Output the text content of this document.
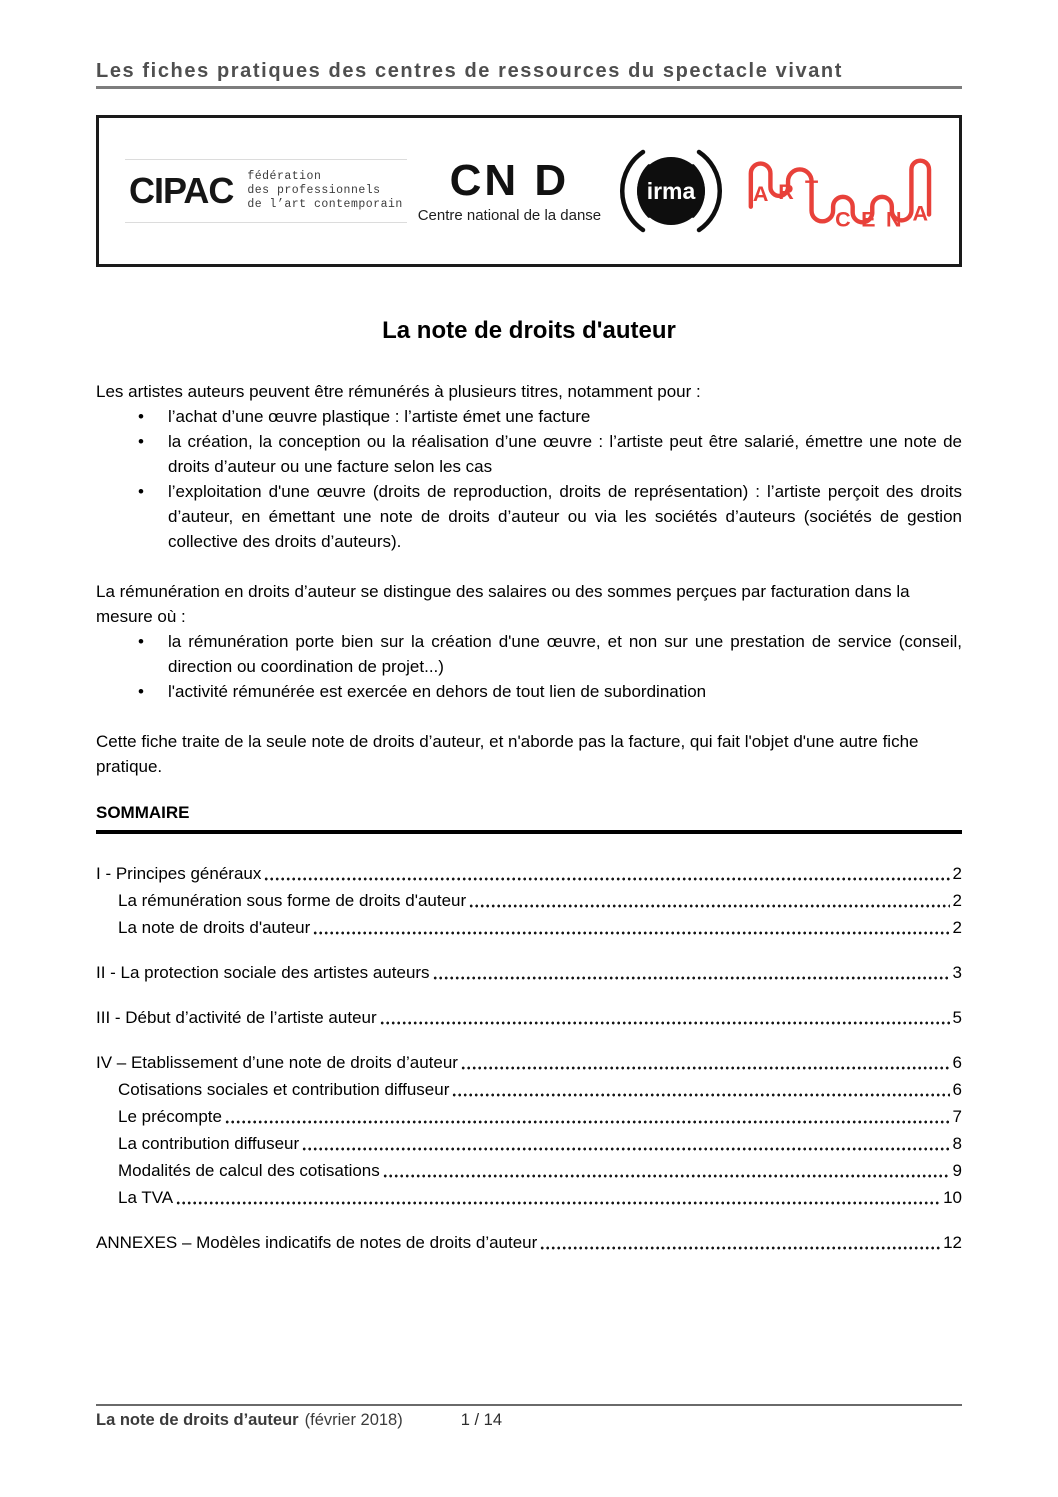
Les fiches pratiques des centres de ressources du spectacle vivant
CIPAC fédération
des professionnels
de l’art contemporain	CN D
Centre national de la danse
irma	A R T
C E N A
La note de droits d'auteur

Les artistes auteurs peuvent être rémunérés à plusieurs titres, notamment pour :

•	l’achat d’une œuvre plastique : l’artiste émet une facture
•	la création, la conception ou la réalisation d’une œuvre : l’artiste peut être salarié, émettre une note de droits d’auteur ou une facture selon les cas
•	l’exploitation d'une œuvre (droits de reproduction, droits de représentation) : l’artiste perçoit des droits d’auteur, en émettant une note de droits d’auteur ou via les sociétés d’auteurs (sociétés de gestion collective des droits d’auteurs).

La rémunération en droits d’auteur se distingue des salaires ou des sommes perçues par facturation dans la mesure où :

•	la rémunération porte bien sur la création d'une œuvre, et non sur une prestation de service (conseil, direction ou coordination de projet...)
•	l'activité rémunérée est exercée en dehors de tout lien de subordination

Cette fiche traite de la seule note de droits d’auteur, et n'aborde pas la facture, qui fait l'objet d'une autre fiche pratique.

SOMMAIRE
I - Principes généraux	2
La rémunération sous forme de droits d'auteur	2
La note de droits d'auteur	2
II - La protection sociale des artistes auteurs	3
III - Début d’activité de l’artiste auteur	5
IV – Etablissement d’une note de droits d’auteur	6
Cotisations sociales et contribution diffuseur	6
Le précompte	7
La contribution diffuseur	8
Modalités de calcul des cotisations	9
La TVA	10
ANNEXES – Modèles indicatifs de notes de droits d’auteur	12
La note de droits d’auteur (février 2018)	1 / 14
